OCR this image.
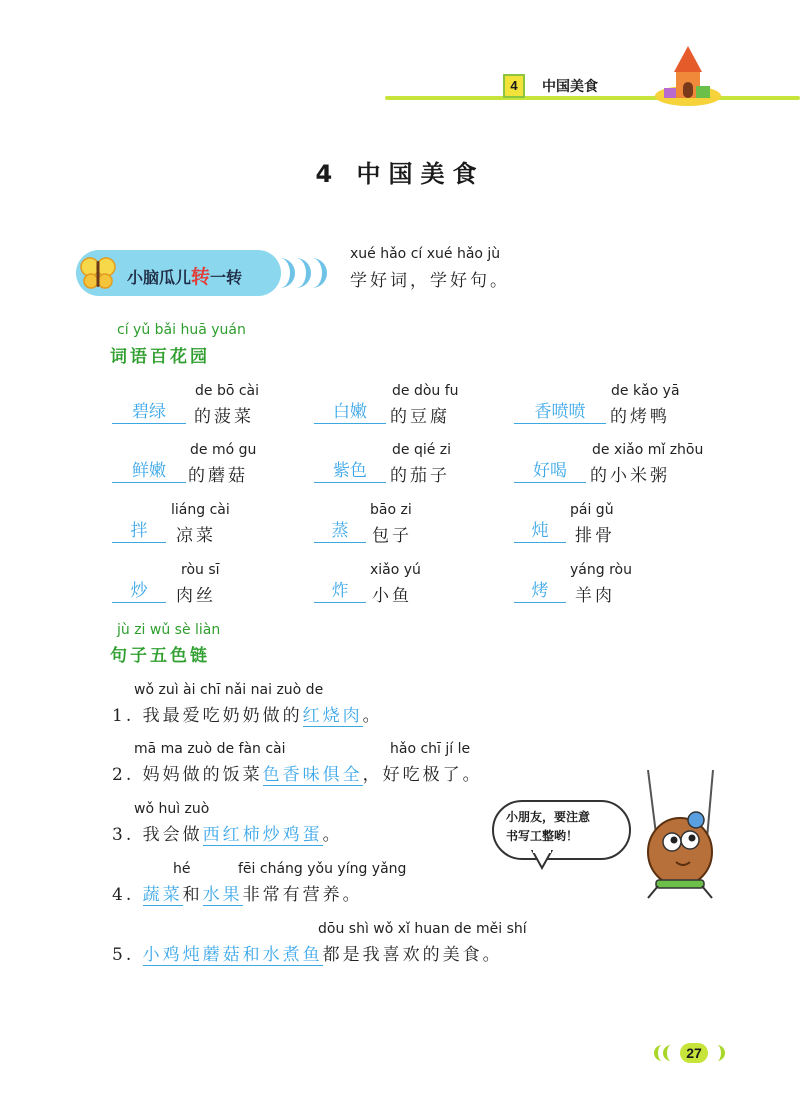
4	中国美食
4 中国美食
小脑瓜儿转一转
xué hǎo cí xué hǎo jù
学好词，学好句。
cí yǔ bǎi huā yuán
词语百花园
de bō cài
碧绿	的菠菜
de dòu fu
白嫩	的豆腐
de kǎo yā
香喷喷	的烤鸭
de mó gu
鲜嫩	的蘑菇
de qié zi
紫色	的茄子
de xiǎo mǐ zhōu
好喝	的小米粥
liáng cài
拌	凉菜
bāo zi
蒸	包子
pái gǔ
炖	排骨
ròu sī
炒	肉丝
xiǎo yú
炸	小鱼
yáng ròu
烤	羊肉
jù zi wǔ sè liàn
句子五色链
wǒ zuì ài chī nǎi nai zuò de
1. 我最爱吃奶奶做的红烧肉。
mā ma zuò de fàn cài	hǎo chī jí le
2. 妈妈做的饭菜色香味俱全，好吃极了。
wǒ huì zuò
3. 我会做西红柿炒鸡蛋。
hé	fēi cháng yǒu yíng yǎng
4. 蔬菜和水果非常有营养。
dōu shì wǒ xǐ huan de měi shí
5. 小鸡炖蘑菇和水煮鱼都是我喜欢的美食。
小朋友，要注意
书写工整哟！
27
